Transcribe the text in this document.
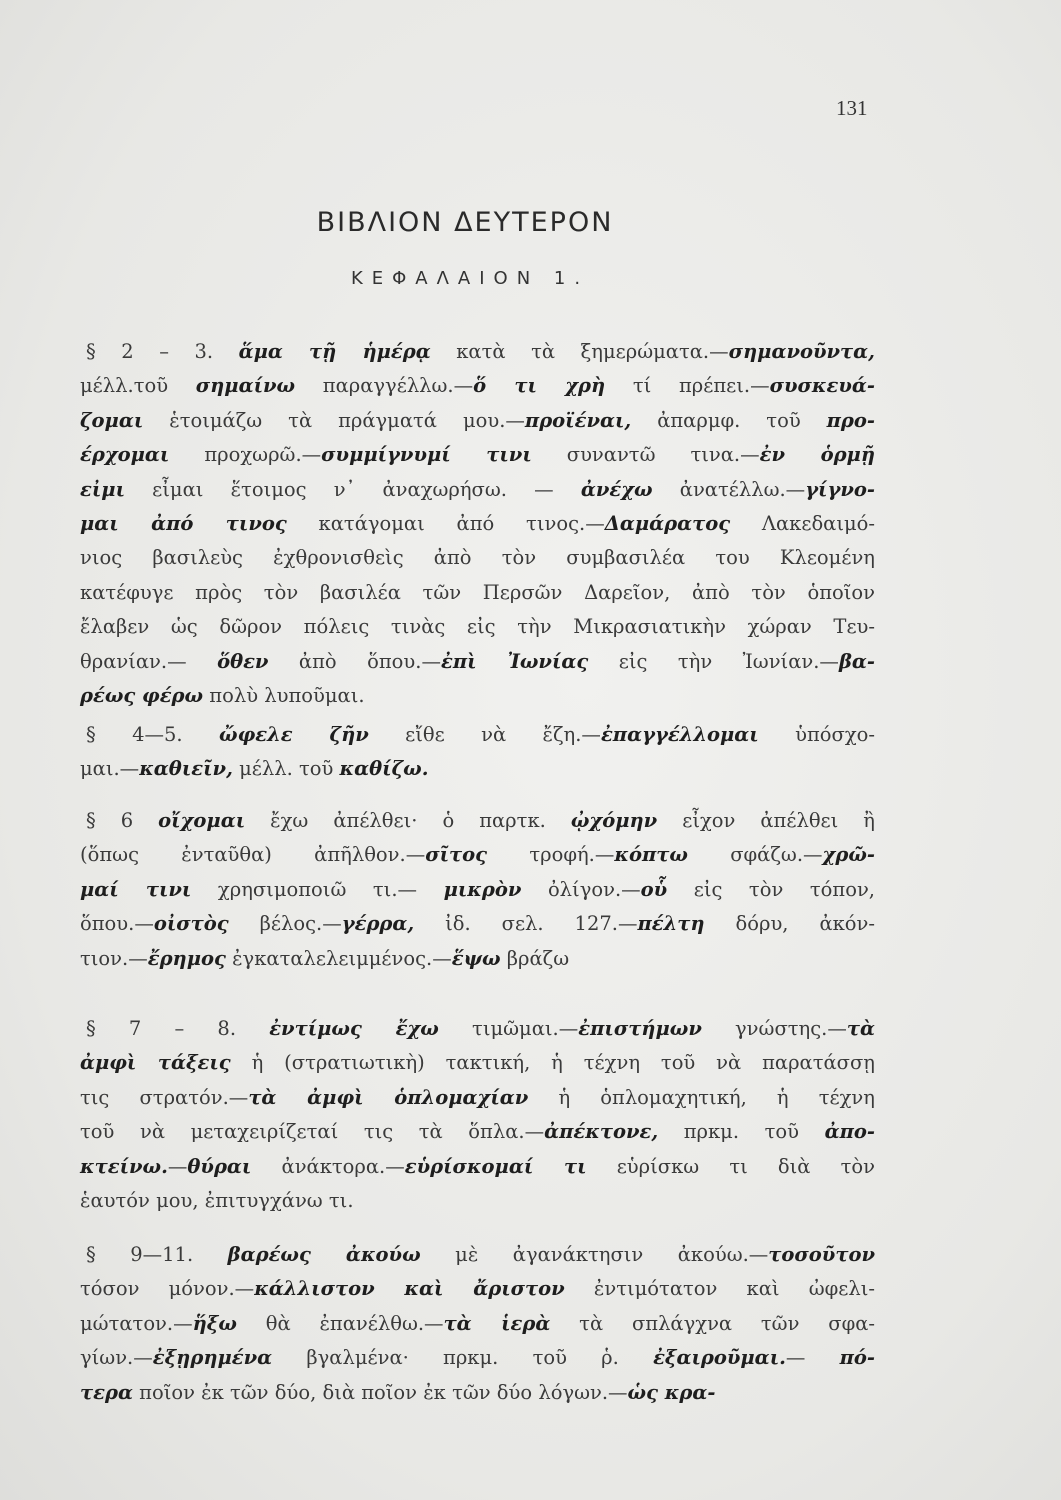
131
ΒΙΒΛΙΟΝ ΔΕΥΤΕΡΟΝ
ΚΕΦΑΛΑΙΟΝ 1.
§ 2 – 3. ἅμα τῇ ἡμέρᾳ κατὰ τὰ ξημερώματα.—σημανοῦντα,
μέλλ.τοῦ σημαίνω παραγγέλλω.—ὅ τι χρὴ τί πρέπει.—συσκευά-
ζομαι ἑτοιμάζω τὰ πράγματά μου.—προϊέναι, ἀπαρμφ. τοῦ προ-
έρχομαι προχωρῶ.—συμμίγνυμί τινι συναντῶ τινα.—ἐν ὁρμῇ
εἰμι εἶμαι ἕτοιμος ν᾽ ἀναχωρήσω. — ἀνέχω ἀνατέλλω.—γίγνο-
μαι ἀπό τινος κατάγομαι ἀπό τινος.—Δαμάρατος Λακεδαιμό-
νιος βασιλεὺς ἐχθρονισθεὶς ἀπὸ τὸν συμβασιλέα του Κλεομένη
κατέφυγε πρὸς τὸν βασιλέα τῶν Περσῶν Δαρεῖον, ἀπὸ τὸν ὁποῖον
ἔλαβεν ὡς δῶρον πόλεις τινὰς εἰς τὴν Μικρασιατικὴν χώραν Τευ-
θρανίαν.— ὅθεν ἀπὸ ὅπου.—ἐπὶ Ἰωνίας εἰς τὴν Ἰωνίαν.—βα-
ρέως φέρω πολὺ λυποῦμαι.
§ 4—5. ὤφελε ζῆν εἴθε νὰ ἔζη.—ἐπαγγέλλομαι ὑπόσχο-
μαι.—καθιεῖν, μέλλ. τοῦ καθίζω.
§ 6 οἴχομαι ἔχω ἀπέλθει· ὁ παρτκ. ᾠχόμην εἶχον ἀπέλθει ἢ
(ὅπως ἐνταῦθα) ἀπῆλθον.—σῖτος τροφή.—κόπτω σφάζω.—χρῶ-
μαί τινι χρησιμοποιῶ τι.— μικρὸν ὀλίγον.—οὗ εἰς τὸν τόπον,
ὅπου.—οἰστὸς βέλος.—γέρρα, ἰδ. σελ. 127.—πέλτη δόρυ, ἀκόν-
τιον.—ἔρημος ἐγκαταλελειμμένος.—ἕψω βράζω
§ 7 – 8. ἐντίμως ἔχω τιμῶμαι.—ἐπιστήμων γνώστης.—τὰ
ἀμφὶ τάξεις ἡ (στρατιωτικὴ) τακτική, ἡ τέχνη τοῦ νὰ παρατάσσῃ
τις στρατόν.—τὰ ἀμφὶ ὁπλομαχίαν ἡ ὁπλομαχητική, ἡ τέχνη
τοῦ νὰ μεταχειρίζεταί τις τὰ ὅπλα.—ἀπέκτονε, πρκμ. τοῦ ἀπο-
κτείνω.—θύραι ἀνάκτορα.—εὑρίσκομαί τι εὑρίσκω τι διὰ τὸν
ἑαυτόν μου, ἐπιτυγχάνω τι.
§ 9—11. βαρέως ἀκούω μὲ ἀγανάκτησιν ἀκούω.—τοσοῦτον
τόσον μόνον.—κάλλιστον καὶ ἄριστον ἐντιμότατον καὶ ὠφελι-
μώτατον.—ἥξω θὰ ἐπανέλθω.—τὰ ἱερὰ τὰ σπλάγχνα τῶν σφα-
γίων.—ἐξῃρημένα βγαλμένα· πρκμ. τοῦ ῥ. ἐξαιροῦμαι.— πό-
τερα ποῖον ἐκ τῶν δύο, διὰ ποῖον ἐκ τῶν δύο λόγων.—ὡς κρα-
